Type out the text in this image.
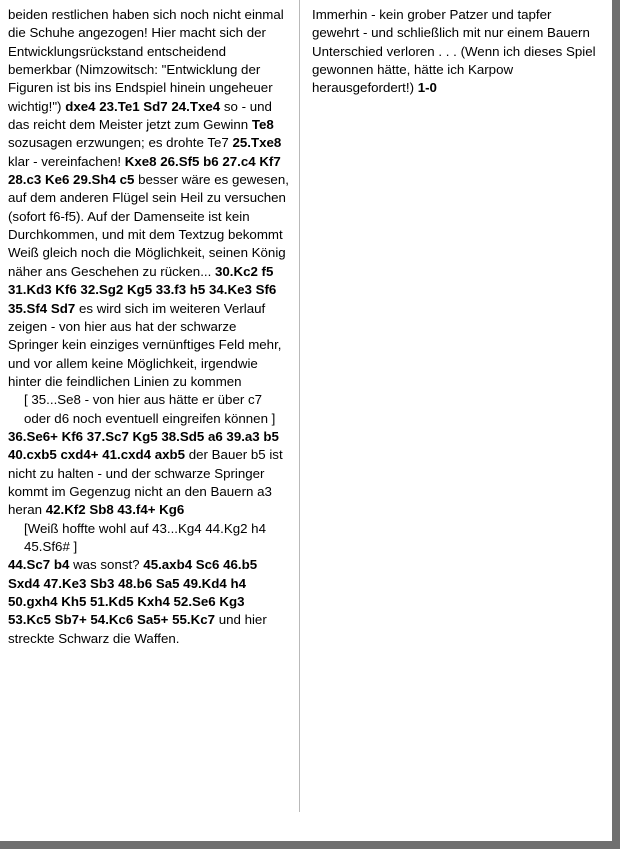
beiden restlichen haben sich noch nicht einmal die Schuhe angezogen! Hier macht sich der Entwicklungsrückstand entscheidend bemerkbar (Nimzowitsch: "Entwicklung der Figuren ist bis ins Endspiel hinein ungeheuer wichtig!") dxe4 23.Te1 Sd7 24.Txe4 so - und das reicht dem Meister jetzt zum Gewinn Te8 sozusagen erzwungen; es drohte Te7 25.Txe8 klar - vereinfachen! Kxe8 26.Sf5 b6 27.c4 Kf7 28.c3 Ke6 29.Sh4 c5 besser wäre es gewesen, auf dem anderen Flügel sein Heil zu versuchen (sofort f6-f5). Auf der Damenseite ist kein Durchkommen, und mit dem Textzug bekommt Weiß gleich noch die Möglichkeit, seinen König näher ans Geschehen zu rücken... 30.Kc2 f5 31.Kd3 Kf6 32.Sg2 Kg5 33.f3 h5 34.Ke3 Sf6 35.Sf4 Sd7 es wird sich im weiteren Verlauf zeigen - von hier aus hat der schwarze Springer kein einziges vernünftiges Feld mehr, und vor allem keine Möglichkeit, irgendwie hinter die feindlichen Linien zu kommen
[ 35...Se8 - von hier aus hätte er über c7 oder d6 noch eventuell eingreifen können ]
36.Se6+ Kf6 37.Sc7 Kg5 38.Sd5 a6 39.a3 b5 40.cxb5 cxd4+ 41.cxd4 axb5 der Bauer b5 ist nicht zu halten - und der schwarze Springer kommt im Gegenzug nicht an den Bauern a3 heran 42.Kf2 Sb8 43.f4+ Kg6
[Weiß hoffte wohl auf 43...Kg4 44.Kg2 h4 45.Sf6# ]
44.Sc7 b4 was sonst? 45.axb4 Sc6 46.b5 Sxd4 47.Ke3 Sb3 48.b6 Sa5 49.Kd4 h4 50.gxh4 Kh5 51.Kd5 Kxh4 52.Se6 Kg3 53.Kc5 Sb7+ 54.Kc6 Sa5+ 55.Kc7 und hier streckte Schwarz die Waffen.

Immerhin - kein grober Patzer und tapfer gewehrt - und schließlich mit nur einem Bauern Unterschied verloren . . . (Wenn ich dieses Spiel gewonnen hätte, hätte ich Karpow herausgefordert!) 1-0
